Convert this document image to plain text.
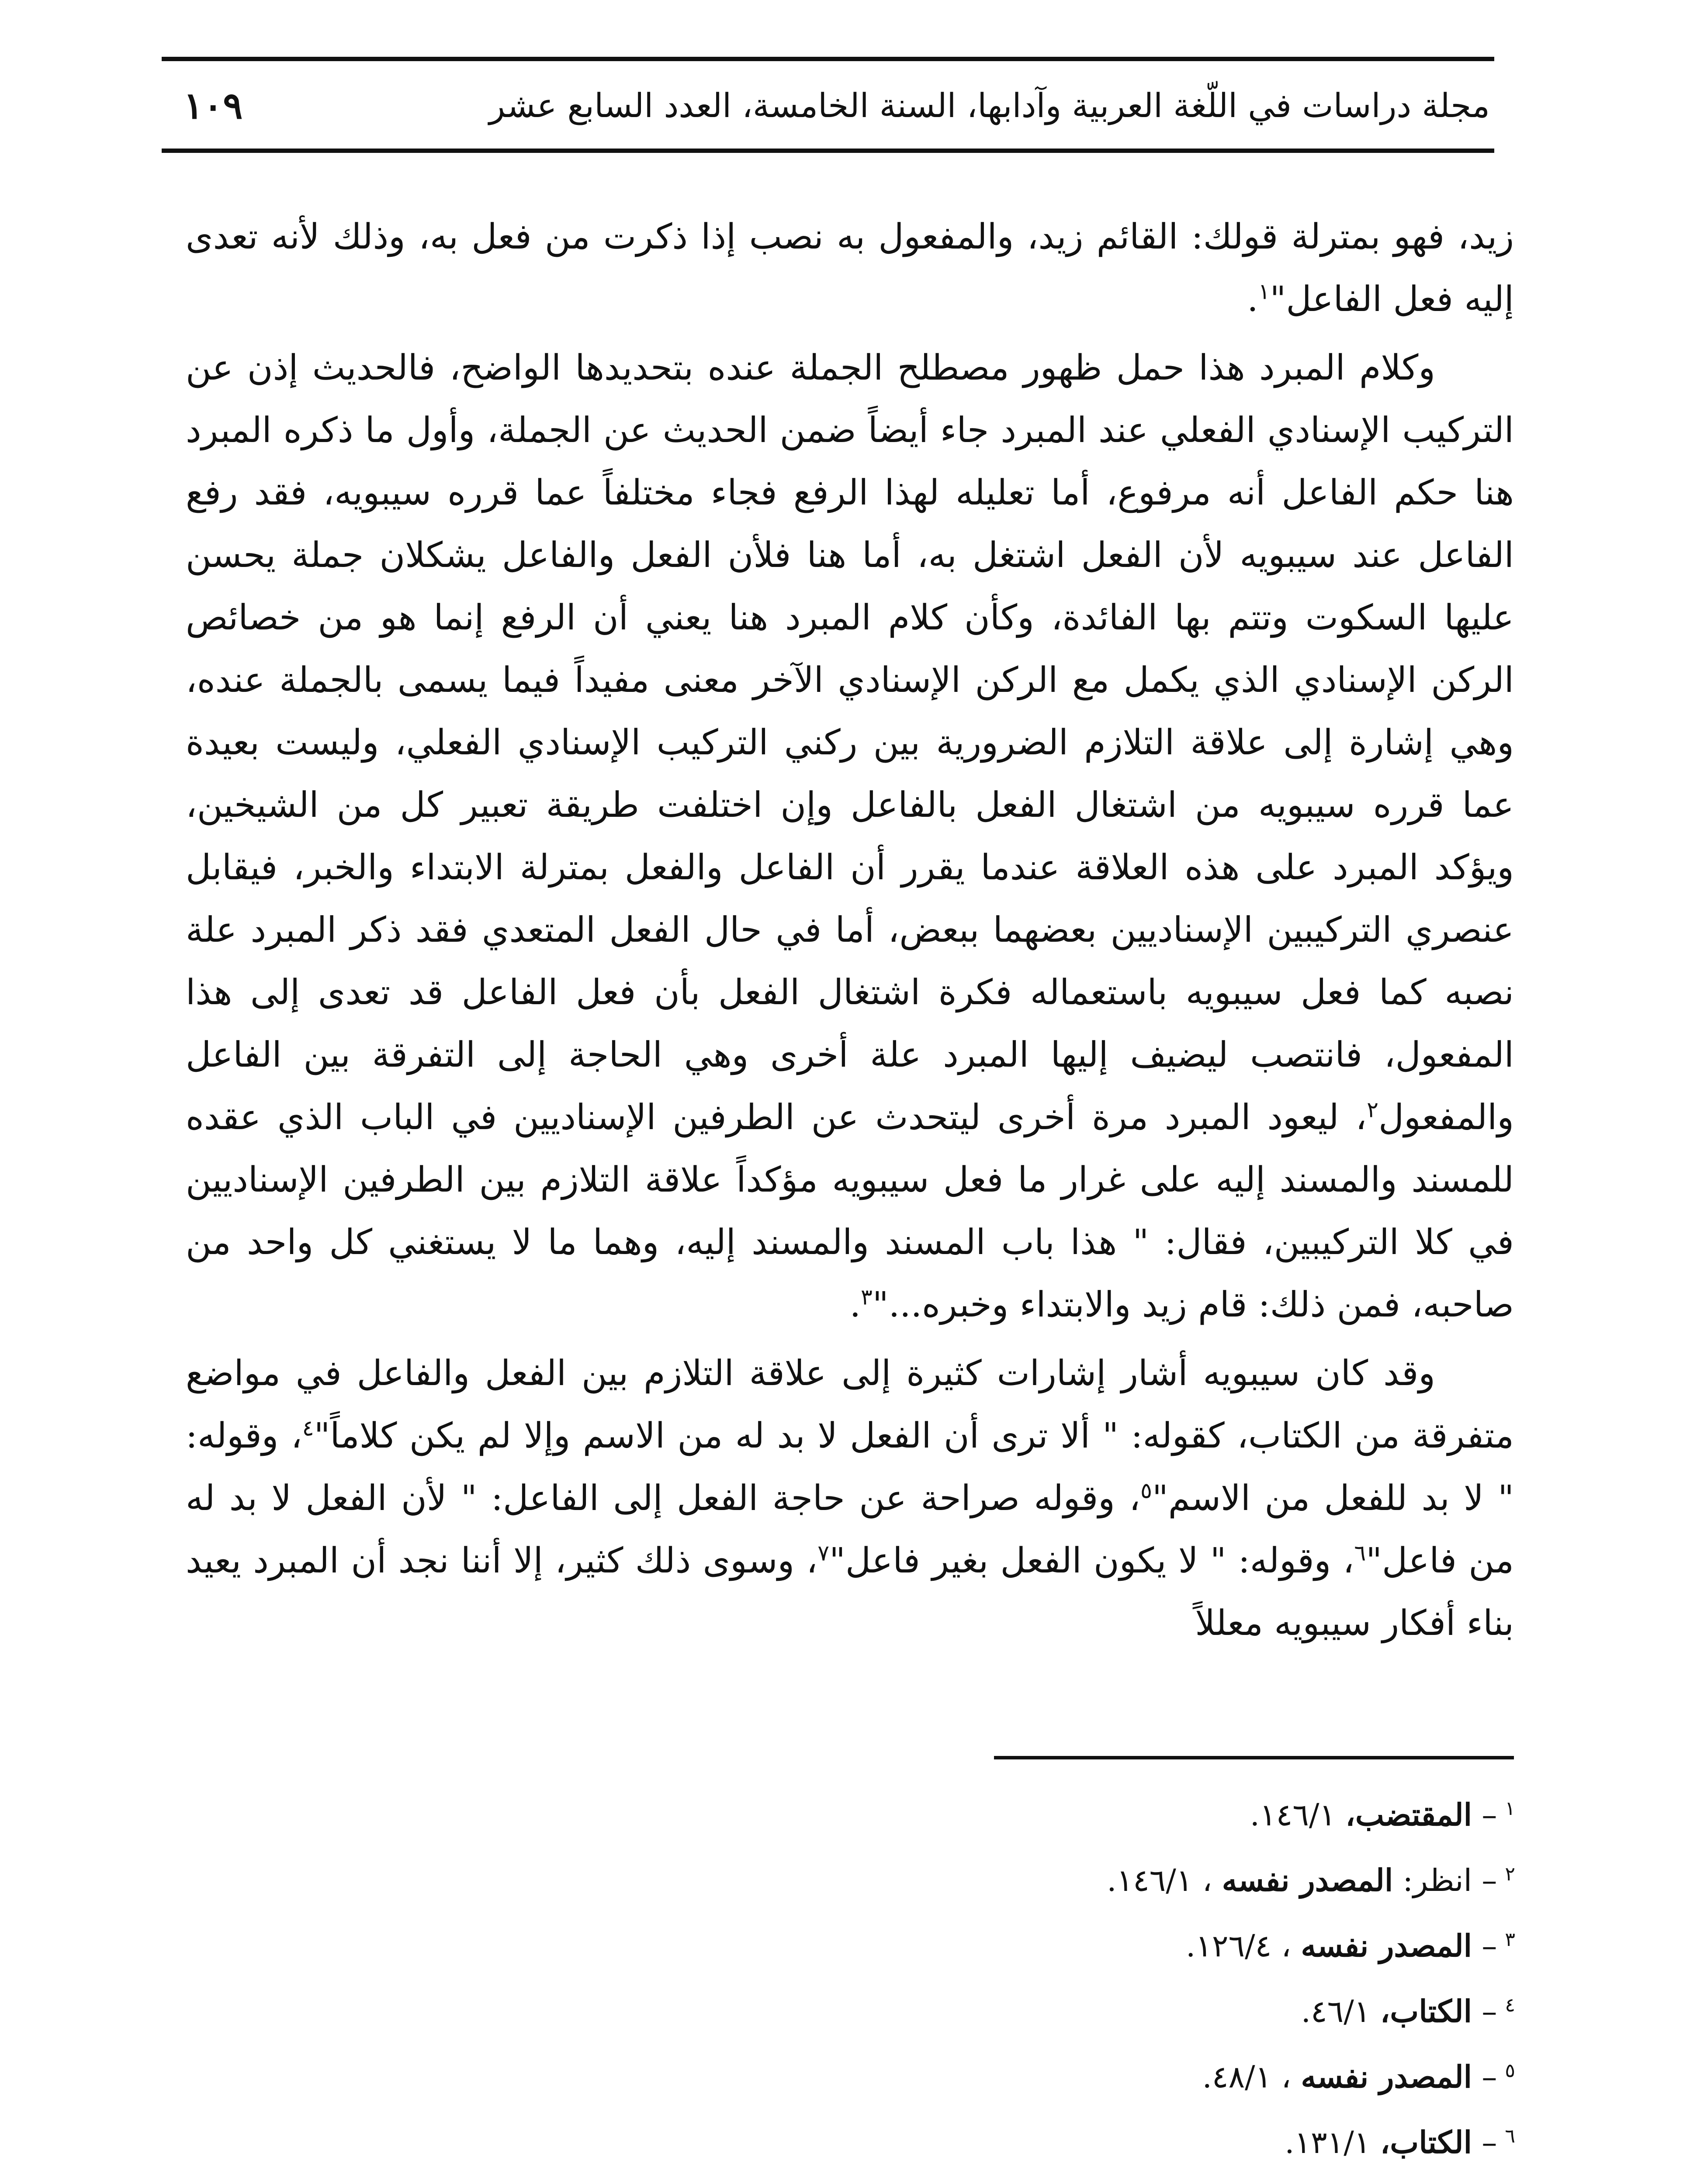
مجلة دراسات في اللّغة العربية وآدابها، السنة الخامسة، العدد السابع عشر
١٠٩

زيد، فهو بمترلة قولك: القائم زيد، والمفعول به نصب إذا ذكرت من فعل به، وذلك لأنه تعدى إليه فعل الفاعل"$^١$.

وكلام المبرد هذا حمل ظهور مصطلح الجملة عنده بتحديدها الواضح، فالحديث إذن عن التركيب الإسنادي الفعلي عند المبرد جاء أيضاً ضمن الحديث عن الجملة، وأول ما ذكره المبرد هنا حكم الفاعل أنه مرفوع، أما تعليله لهذا الرفع فجاء مختلفاً عما قرره سيبويه، فقد رفع الفاعل عند سيبويه لأن الفعل اشتغل به، أما هنا فلأن الفعل والفاعل يشكلان جملة يحسن عليها السكوت وتتم بها الفائدة، وكأن كلام المبرد هنا يعني أن الرفع إنما هو من خصائص الركن الإسنادي الذي يكمل مع الركن الإسنادي الآخر معنى مفيداً فيما يسمى بالجملة عنده، وهي إشارة إلى علاقة التلازم الضرورية بين ركني التركيب الإسنادي الفعلي، وليست بعيدة عما قرره سيبويه من اشتغال الفعل بالفاعل وإن اختلفت طريقة تعبير كل من الشيخين، ويؤكد المبرد على هذه العلاقة عندما يقرر أن الفاعل والفعل بمترلة الابتداء والخبر، فيقابل عنصري التركيبين الإسناديين بعضهما ببعض، أما في حال الفعل المتعدي فقد ذكر المبرد علة نصبه كما فعل سيبويه باستعماله فكرة اشتغال الفعل بأن فعل الفاعل قد تعدى إلى هذا المفعول، فانتصب ليضيف إليها المبرد علة أخرى وهي الحاجة إلى التفرقة بين الفاعل والمفعول$^٢$، ليعود المبرد مرة أخرى ليتحدث عن الطرفين الإسناديين في الباب الذي عقده للمسند والمسند إليه على غرار ما فعل سيبويه مؤكداً علاقة التلازم بين الطرفين الإسناديين في كلا التركيبين، فقال: " هذا باب المسند والمسند إليه، وهما ما لا يستغني كل واحد من صاحبه، فمن ذلك: قام زيد والابتداء وخبره..."$^٣$.

وقد كان سيبويه أشار إشارات كثيرة إلى علاقة التلازم بين الفعل والفاعل في مواضع متفرقة من الكتاب، كقوله: " ألا ترى أن الفعل لا بد له من الاسم وإلا لم يكن كلاماً"$^٤$، وقوله: " لا بد للفعل من الاسم"$^٥$، وقوله صراحة عن حاجة الفعل إلى الفاعل: " لأن الفعل لا بد له من فاعل"$^٦$، وقوله: " لا يكون الفعل بغير فاعل"$^٧$، وسوى ذلك كثير، إلا أننا نجد أن المبرد يعيد بناء أفكار سيبويه معللاً

$^١$– المقتضب، ١٤٦/١.
$^٢$– انظر: المصدر نفسه ، ١٤٦/١.
$^٣$– المصدر نفسه ، ١٢٦/٤.
$^٤$– الكتاب، ٤٦/١.
$^٥$– المصدر نفسه ، ٤٨/١.
$^٦$– الكتاب، ١٣١/١.
